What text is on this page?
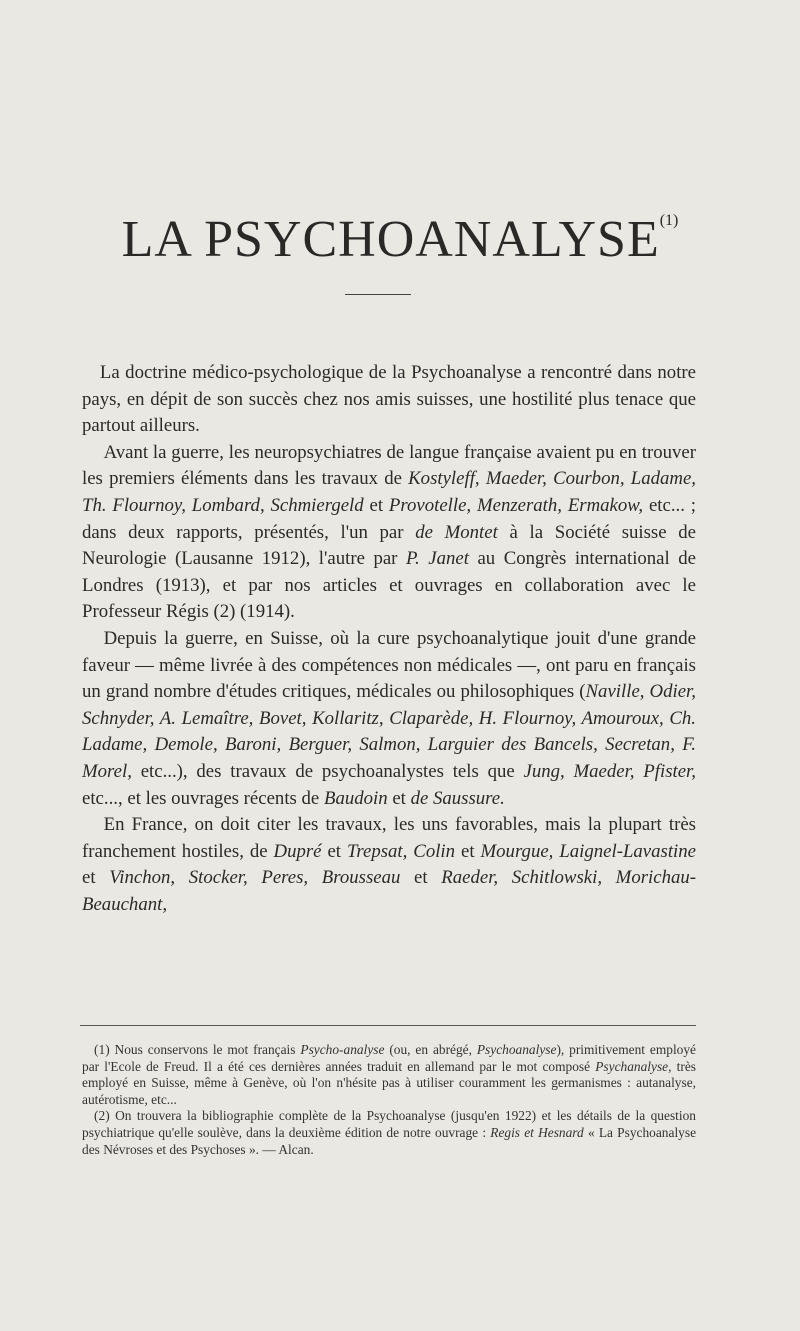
LA PSYCHOANALYSE$^{(1)}$

La doctrine médico-psychologique de la Psychoanalyse a rencontré dans notre pays, en dépit de son succès chez nos amis suisses, une hostilité plus tenace que partout ailleurs.

Avant la guerre, les neuropsychiatres de langue française avaient pu en trouver les premiers éléments dans les travaux de Kostyleff, Maeder, Courbon, Ladame, Th. Flournoy, Lombard, Schmiergeld et Provotelle, Menzerath, Ermakow, etc... ; dans deux rapports, présentés, l'un par de Montet à la Société suisse de Neurologie (Lausanne 1912), l'autre par P. Janet au Congrès international de Londres (1913), et par nos articles et ouvrages en collaboration avec le Professeur Régis (2) (1914).

Depuis la guerre, en Suisse, où la cure psychoanalytique jouit d'une grande faveur — même livrée à des compétences non médicales —, ont paru en français un grand nombre d'études critiques, médicales ou philosophiques (Naville, Odier, Schnyder, A. Lemaître, Bovet, Kollaritz, Claparède, H. Flournoy, Amouroux, Ch. Ladame, Demole, Baroni, Berguer, Salmon, Larguier des Bancels, Secretan, F. Morel, etc...), des travaux de psychoanalystes tels que Jung, Maeder, Pfister, etc..., et les ouvrages récents de Baudoin et de Saussure.

En France, on doit citer les travaux, les uns favorables, mais la plupart très franchement hostiles, de Dupré et Trepsat, Colin et Mourgue, Laignel-Lavastine et Vinchon, Stocker, Peres, Brousseau et Raeder, Schitlowski, Morichau-Beauchant,

(1) Nous conservons le mot français Psycho-analyse (ou, en abrégé, Psychoanalyse), primitivement employé par l'Ecole de Freud. Il a été ces dernières années traduit en allemand par le mot composé Psychanalyse, très employé en Suisse, même à Genève, où l'on n'hésite pas à utiliser couramment les germanismes : autanalyse, autérotisme, etc...

(2) On trouvera la bibliographie complète de la Psychoanalyse (jusqu'en 1922) et les détails de la question psychiatrique qu'elle soulève, dans la deuxième édition de notre ouvrage : Regis et Hesnard « La Psychoanalyse des Névroses et des Psychoses ». — Alcan.
